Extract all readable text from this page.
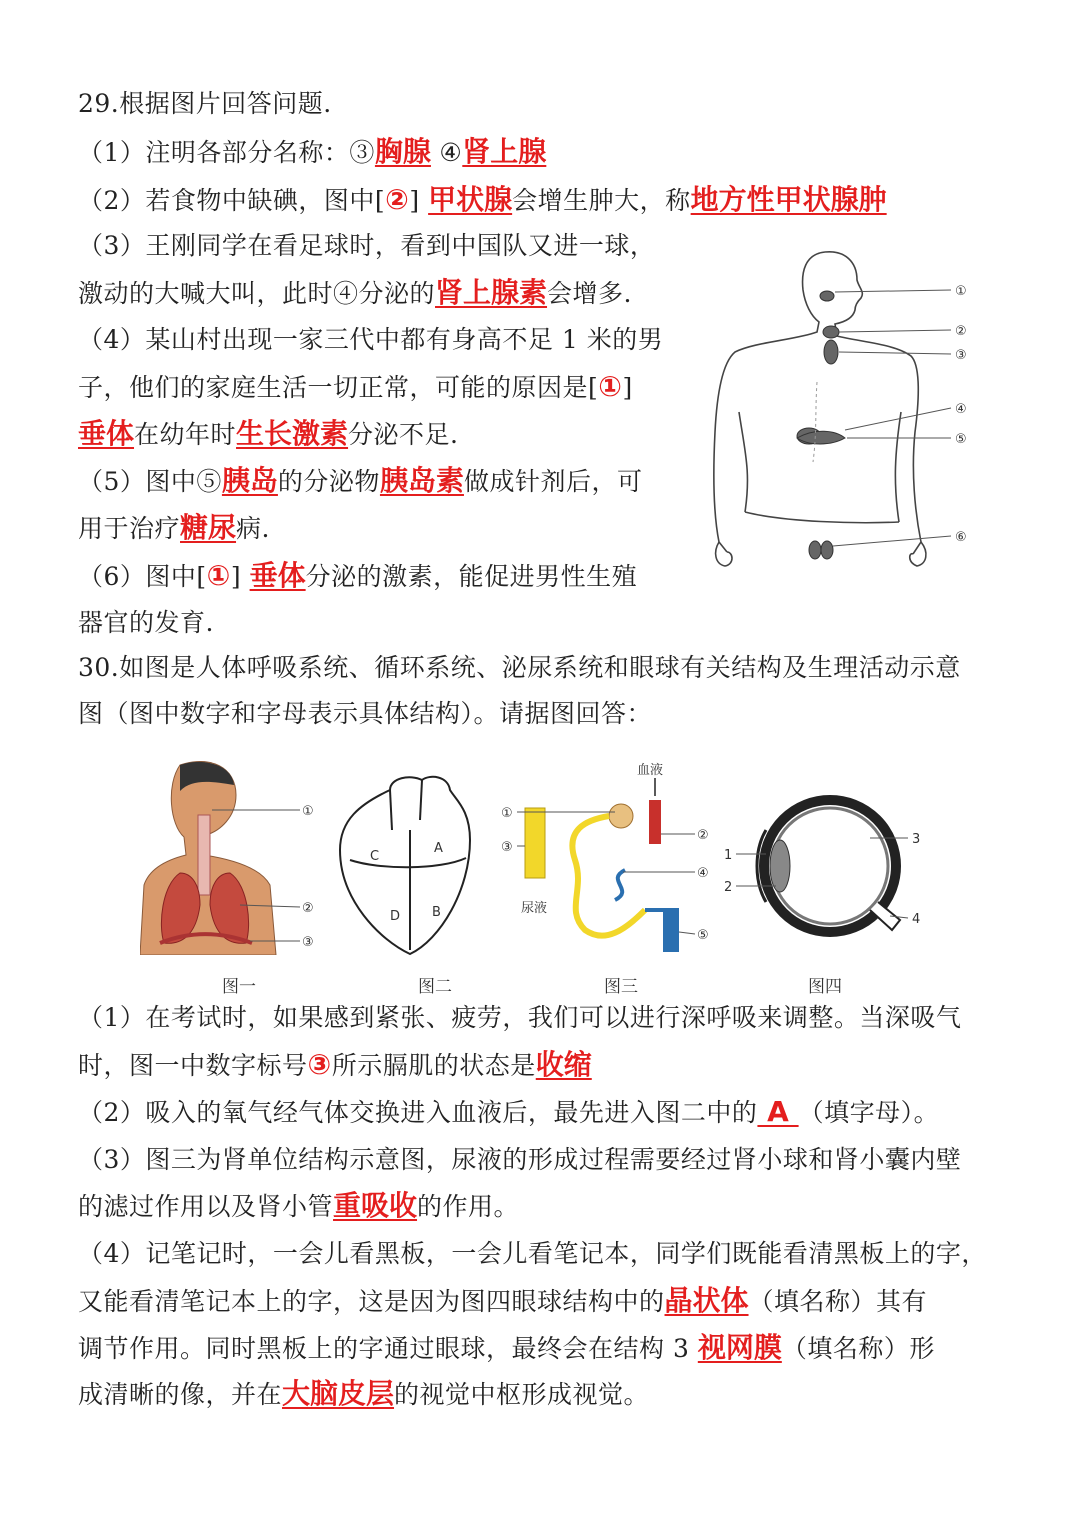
29.根据图片回答问题.
（1）注明各部分名称：③胸腺 ④肾上腺
（2）若食物中缺碘，图中[②] 甲状腺会增生肿大，称地方性甲状腺肿
（3）王刚同学在看足球时，看到中国队又进一球，
激动的大喊大叫，此时④分泌的肾上腺素会增多.
（4）某山村出现一家三代中都有身高不足 1 米的男
子，他们的家庭生活一切正常，可能的原因是[①]
垂体在幼年时生长激素分泌不足.
（5）图中⑤胰岛的分泌物胰岛素做成针剂后，可
用于治疗糖尿病.
（6）图中[①] 垂体分泌的激素，能促进男性生殖
器官的发育.
①
②
③
④
⑤
⑥
30.如图是人体呼吸系统、循环系统、泌尿系统和眼球有关结构及生理活动示意
图（图中数字和字母表示具体结构）。请据图回答：
①
②
③
C
A
D B
血液
①
③
②
④
尿液
⑤
1
2
3
4
图一	图二	图三	图四
（1）在考试时，如果感到紧张、疲劳，我们可以进行深呼吸来调整。当深吸气
时，图一中数字标号③所示膈肌的状态是收缩
（2）吸入的氧气经气体交换进入血液后，最先进入图二中的 A （填字母）。
（3）图三为肾单位结构示意图，尿液的形成过程需要经过肾小球和肾小囊内壁
的滤过作用以及肾小管重吸收的作用。
（4）记笔记时，一会儿看黑板，一会儿看笔记本，同学们既能看清黑板上的字，
又能看清笔记本上的字，这是因为图四眼球结构中的晶状体（填名称）其有
调节作用。同时黑板上的字通过眼球，最终会在结构 3 视网膜（填名称）形
成清晰的像，并在大脑皮层的视觉中枢形成视觉。
